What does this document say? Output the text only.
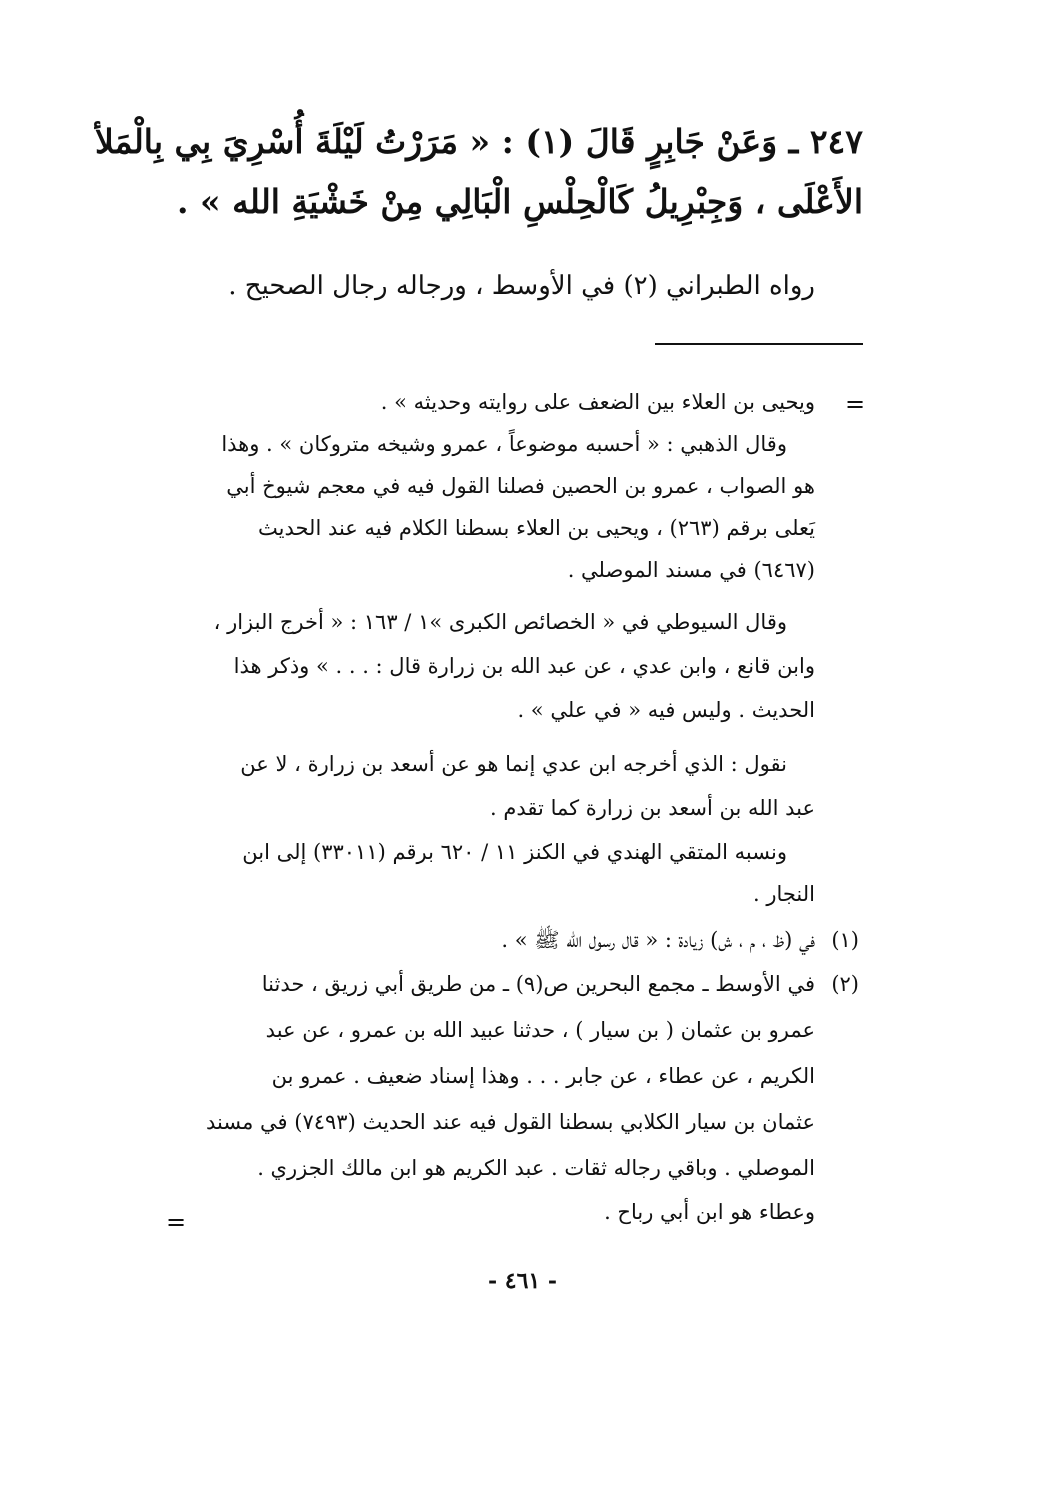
٢٤٧ ـ وَعَنْ جَابِرٍ قَالَ (١) : « مَرَرْتُ لَيْلَةَ أُسْرِيَ بِي بِالْمَلأ
الأَعْلَى ، وَجِبْرِيلُ كَالْحِلْسِ الْبَالِي مِنْ خَشْيَةِ الله » .
رواه الطبراني (٢) في الأوسط ، ورجاله رجال الصحيح .
=
ويحيى بن العلاء بين الضعف على روايته وحديثه » .
وقال الذهبي : « أحسبه موضوعاً ، عمرو وشيخه متروكان » . وهذا
هو الصواب ، عمرو بن الحصين فصلنا القول فيه في معجم شيوخ أبي
يَعلى برقم (٢٦٣) ، ويحيى بن العلاء بسطنا الكلام فيه عند الحديث
(٦٤٦٧) في مسند الموصلي .
وقال السيوطي في « الخصائص الكبرى »١ / ١٦٣ : « أخرج البزار ،
وابن قانع ، وابن عدي ، عن عبد الله بن زرارة قال : . . . » وذكر هذا
الحديث . وليس فيه « في علي » .
نقول : الذي أخرجه ابن عدي إنما هو عن أسعد بن زرارة ، لا عن
عبد الله بن أسعد بن زرارة كما تقدم .
ونسبه المتقي الهندي في الكنز ١١ / ٦٢٠ برقم (٣٣٠١١) إلى ابن
النجار .
(١)
في (ظ ، م ، ش) زيادة : « قال رسول الله ﷺ » .
(٢)
في الأوسط ـ مجمع البحرين ص(٩) ـ من طريق أبي زريق ، حدثنا
عمرو بن عثمان ( بن سيار ) ، حدثنا عبيد الله بن عمرو ، عن عبد
الكريم ، عن عطاء ، عن جابر . . . وهذا إسناد ضعيف . عمرو بن
عثمان بن سيار الكلابي بسطنا القول فيه عند الحديث (٧٤٩٣) في مسند
الموصلي . وباقي رجاله ثقات . عبد الكريم هو ابن مالك الجزري .
وعطاء هو ابن أبي رباح .
=
- ٤٦١ -
